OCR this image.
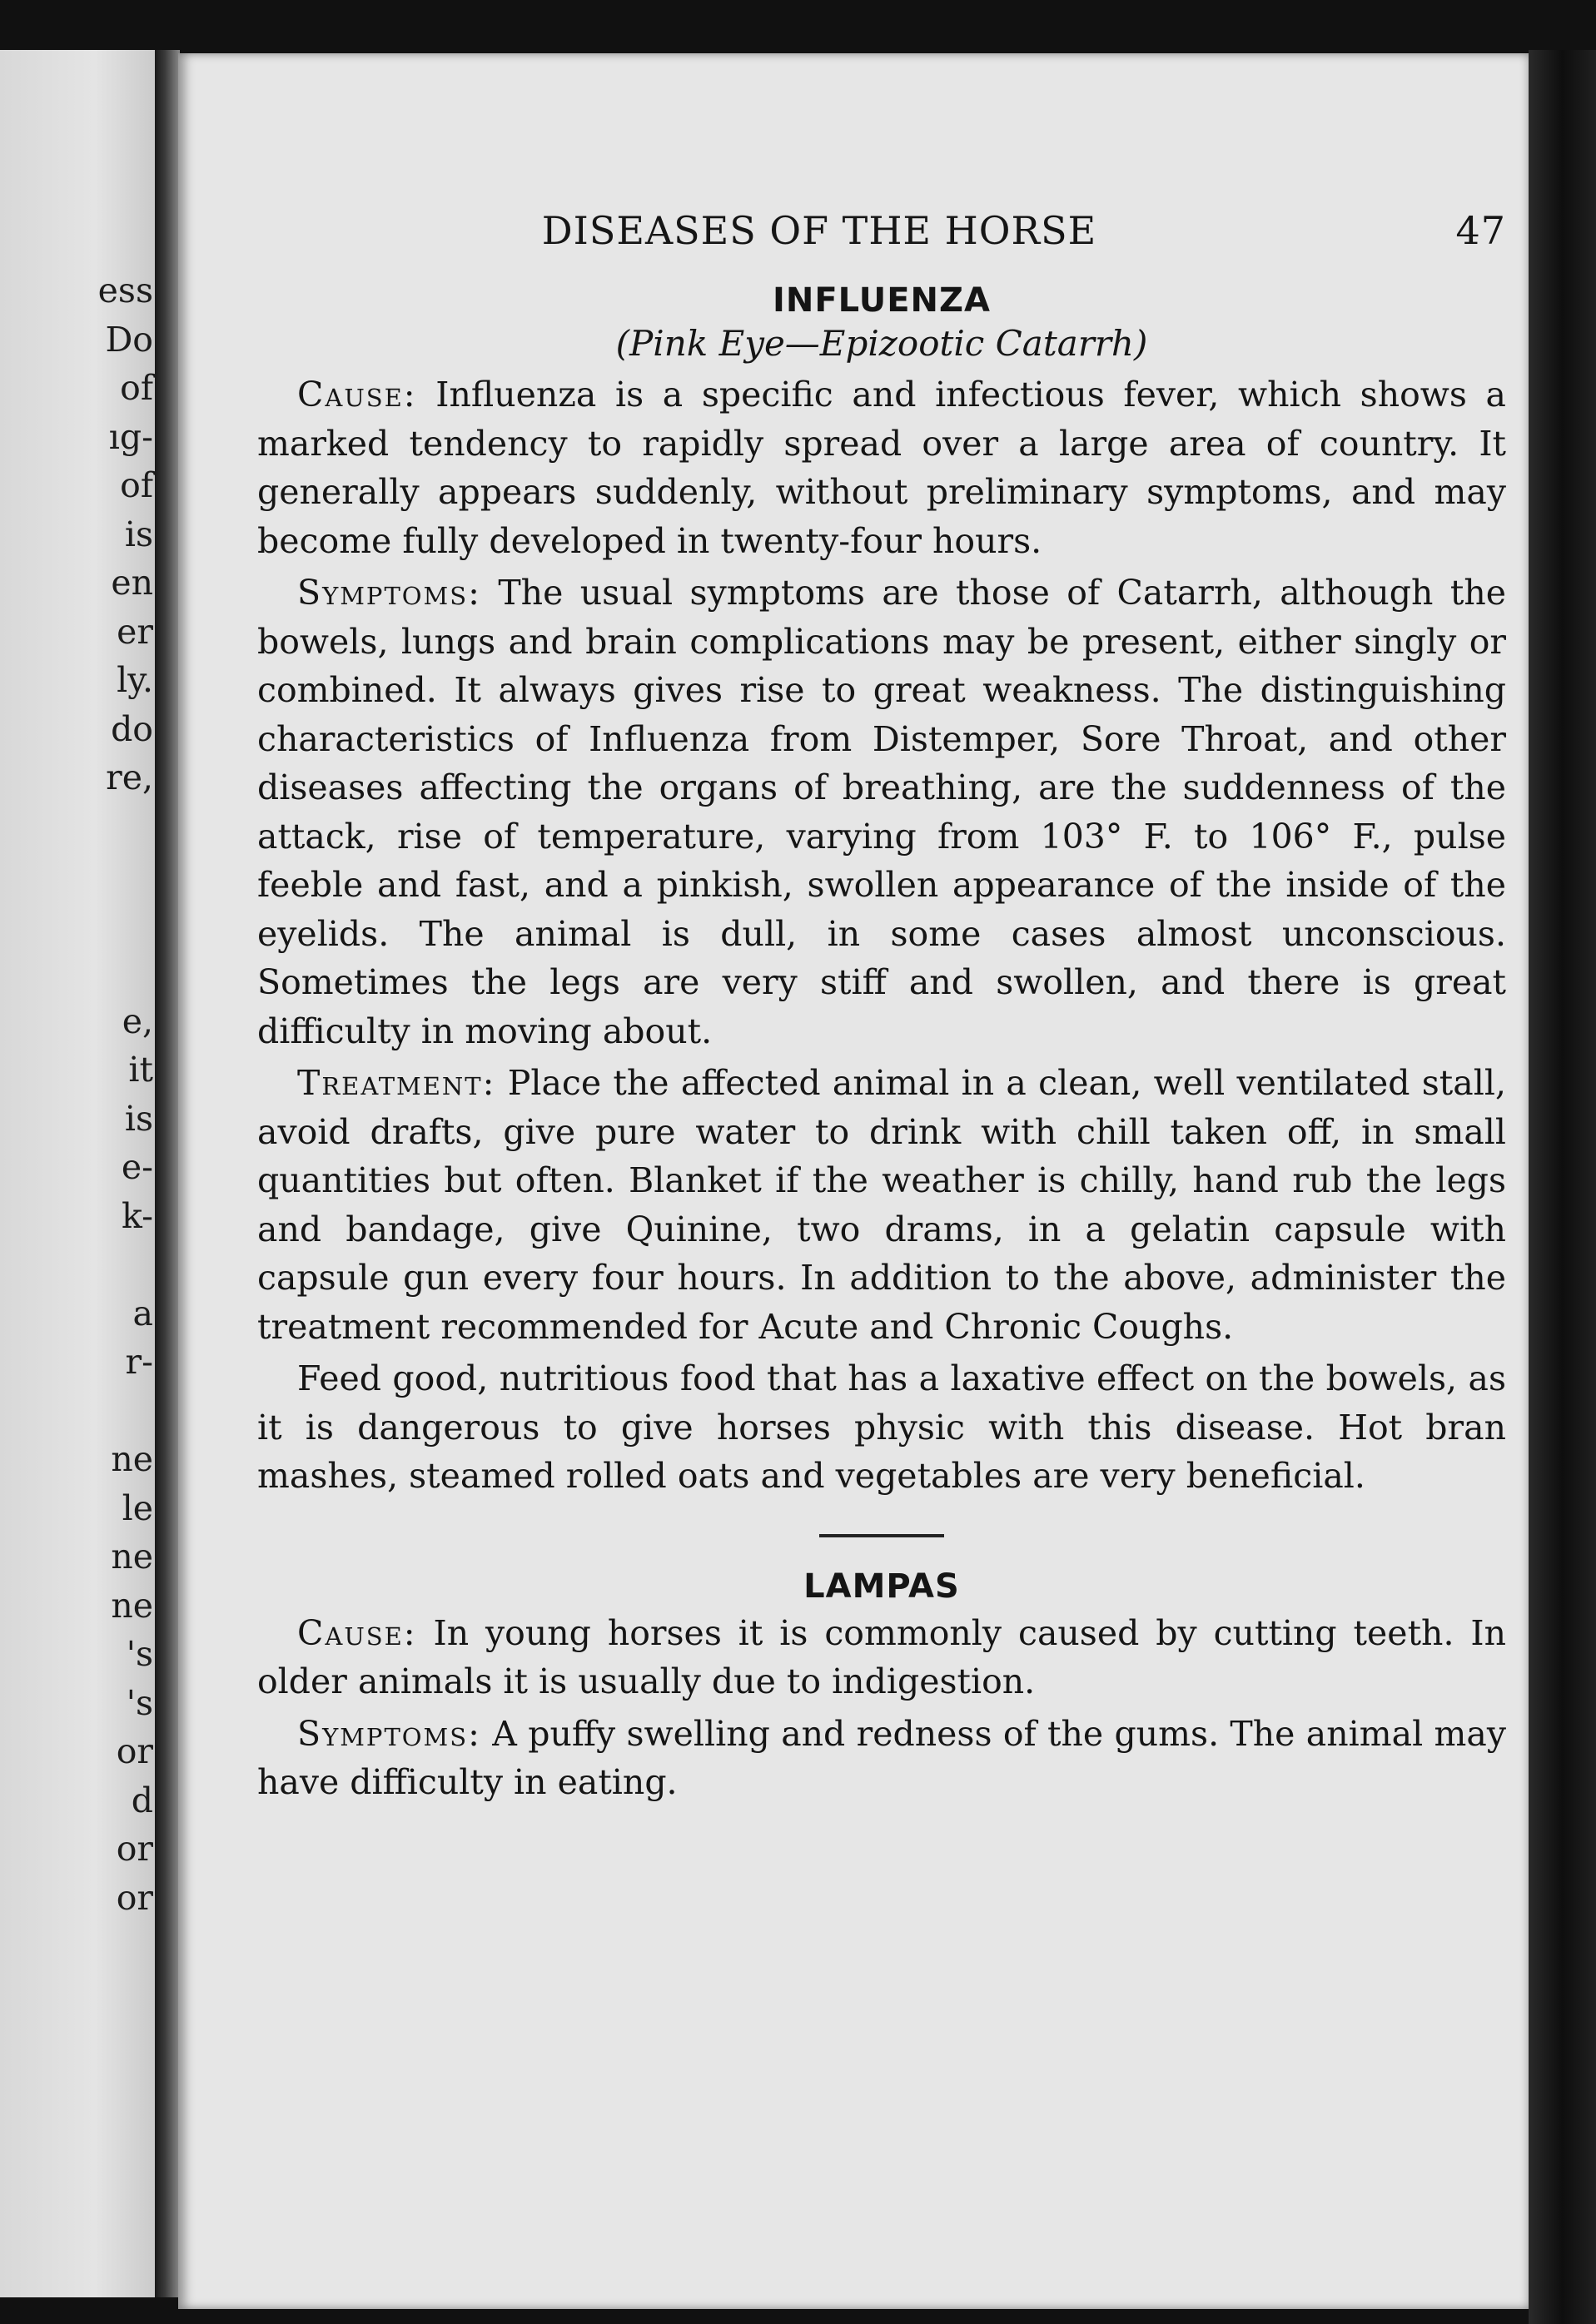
ess
Do
of
ıg-
of
is
en
er
ly.
do
re,
e,
it
is
e-
k-
a
r-
ne
le
ne
ne
's
's
or
d
or
or
DISEASES OF THE HORSE	47
INFLUENZA
(Pink Eye—Epizootic Catarrh)

Cause: Influenza is a specific and infectious fever, which shows a marked tendency to rapidly spread over a large area of country. It generally appears suddenly, without preliminary symptoms, and may become fully developed in twenty-four hours.

Symptoms: The usual symptoms are those of Catarrh, although the bowels, lungs and brain complications may be present, either singly or combined. It always gives rise to great weakness. The distinguishing characteristics of Influenza from Distemper, Sore Throat, and other diseases affecting the organs of breathing, are the suddenness of the attack, rise of temperature, varying from 103° F. to 106° F., pulse feeble and fast, and a pinkish, swollen appearance of the inside of the eyelids. The animal is dull, in some cases almost unconscious. Sometimes the legs are very stiff and swollen, and there is great difficulty in moving about.

Treatment: Place the affected animal in a clean, well ventilated stall, avoid drafts, give pure water to drink with chill taken off, in small quantities but often. Blanket if the weather is chilly, hand rub the legs and bandage, give Quinine, two drams, in a gelatin capsule with capsule gun every four hours. In addition to the above, administer the treatment recommended for Acute and Chronic Coughs.

Feed good, nutritious food that has a laxative effect on the bowels, as it is dangerous to give horses physic with this disease. Hot bran mashes, steamed rolled oats and vegetables are very beneficial.

LAMPAS

Cause: In young horses it is commonly caused by cutting teeth. In older animals it is usually due to indigestion.

Symptoms: A puffy swelling and redness of the gums. The animal may have difficulty in eating.
